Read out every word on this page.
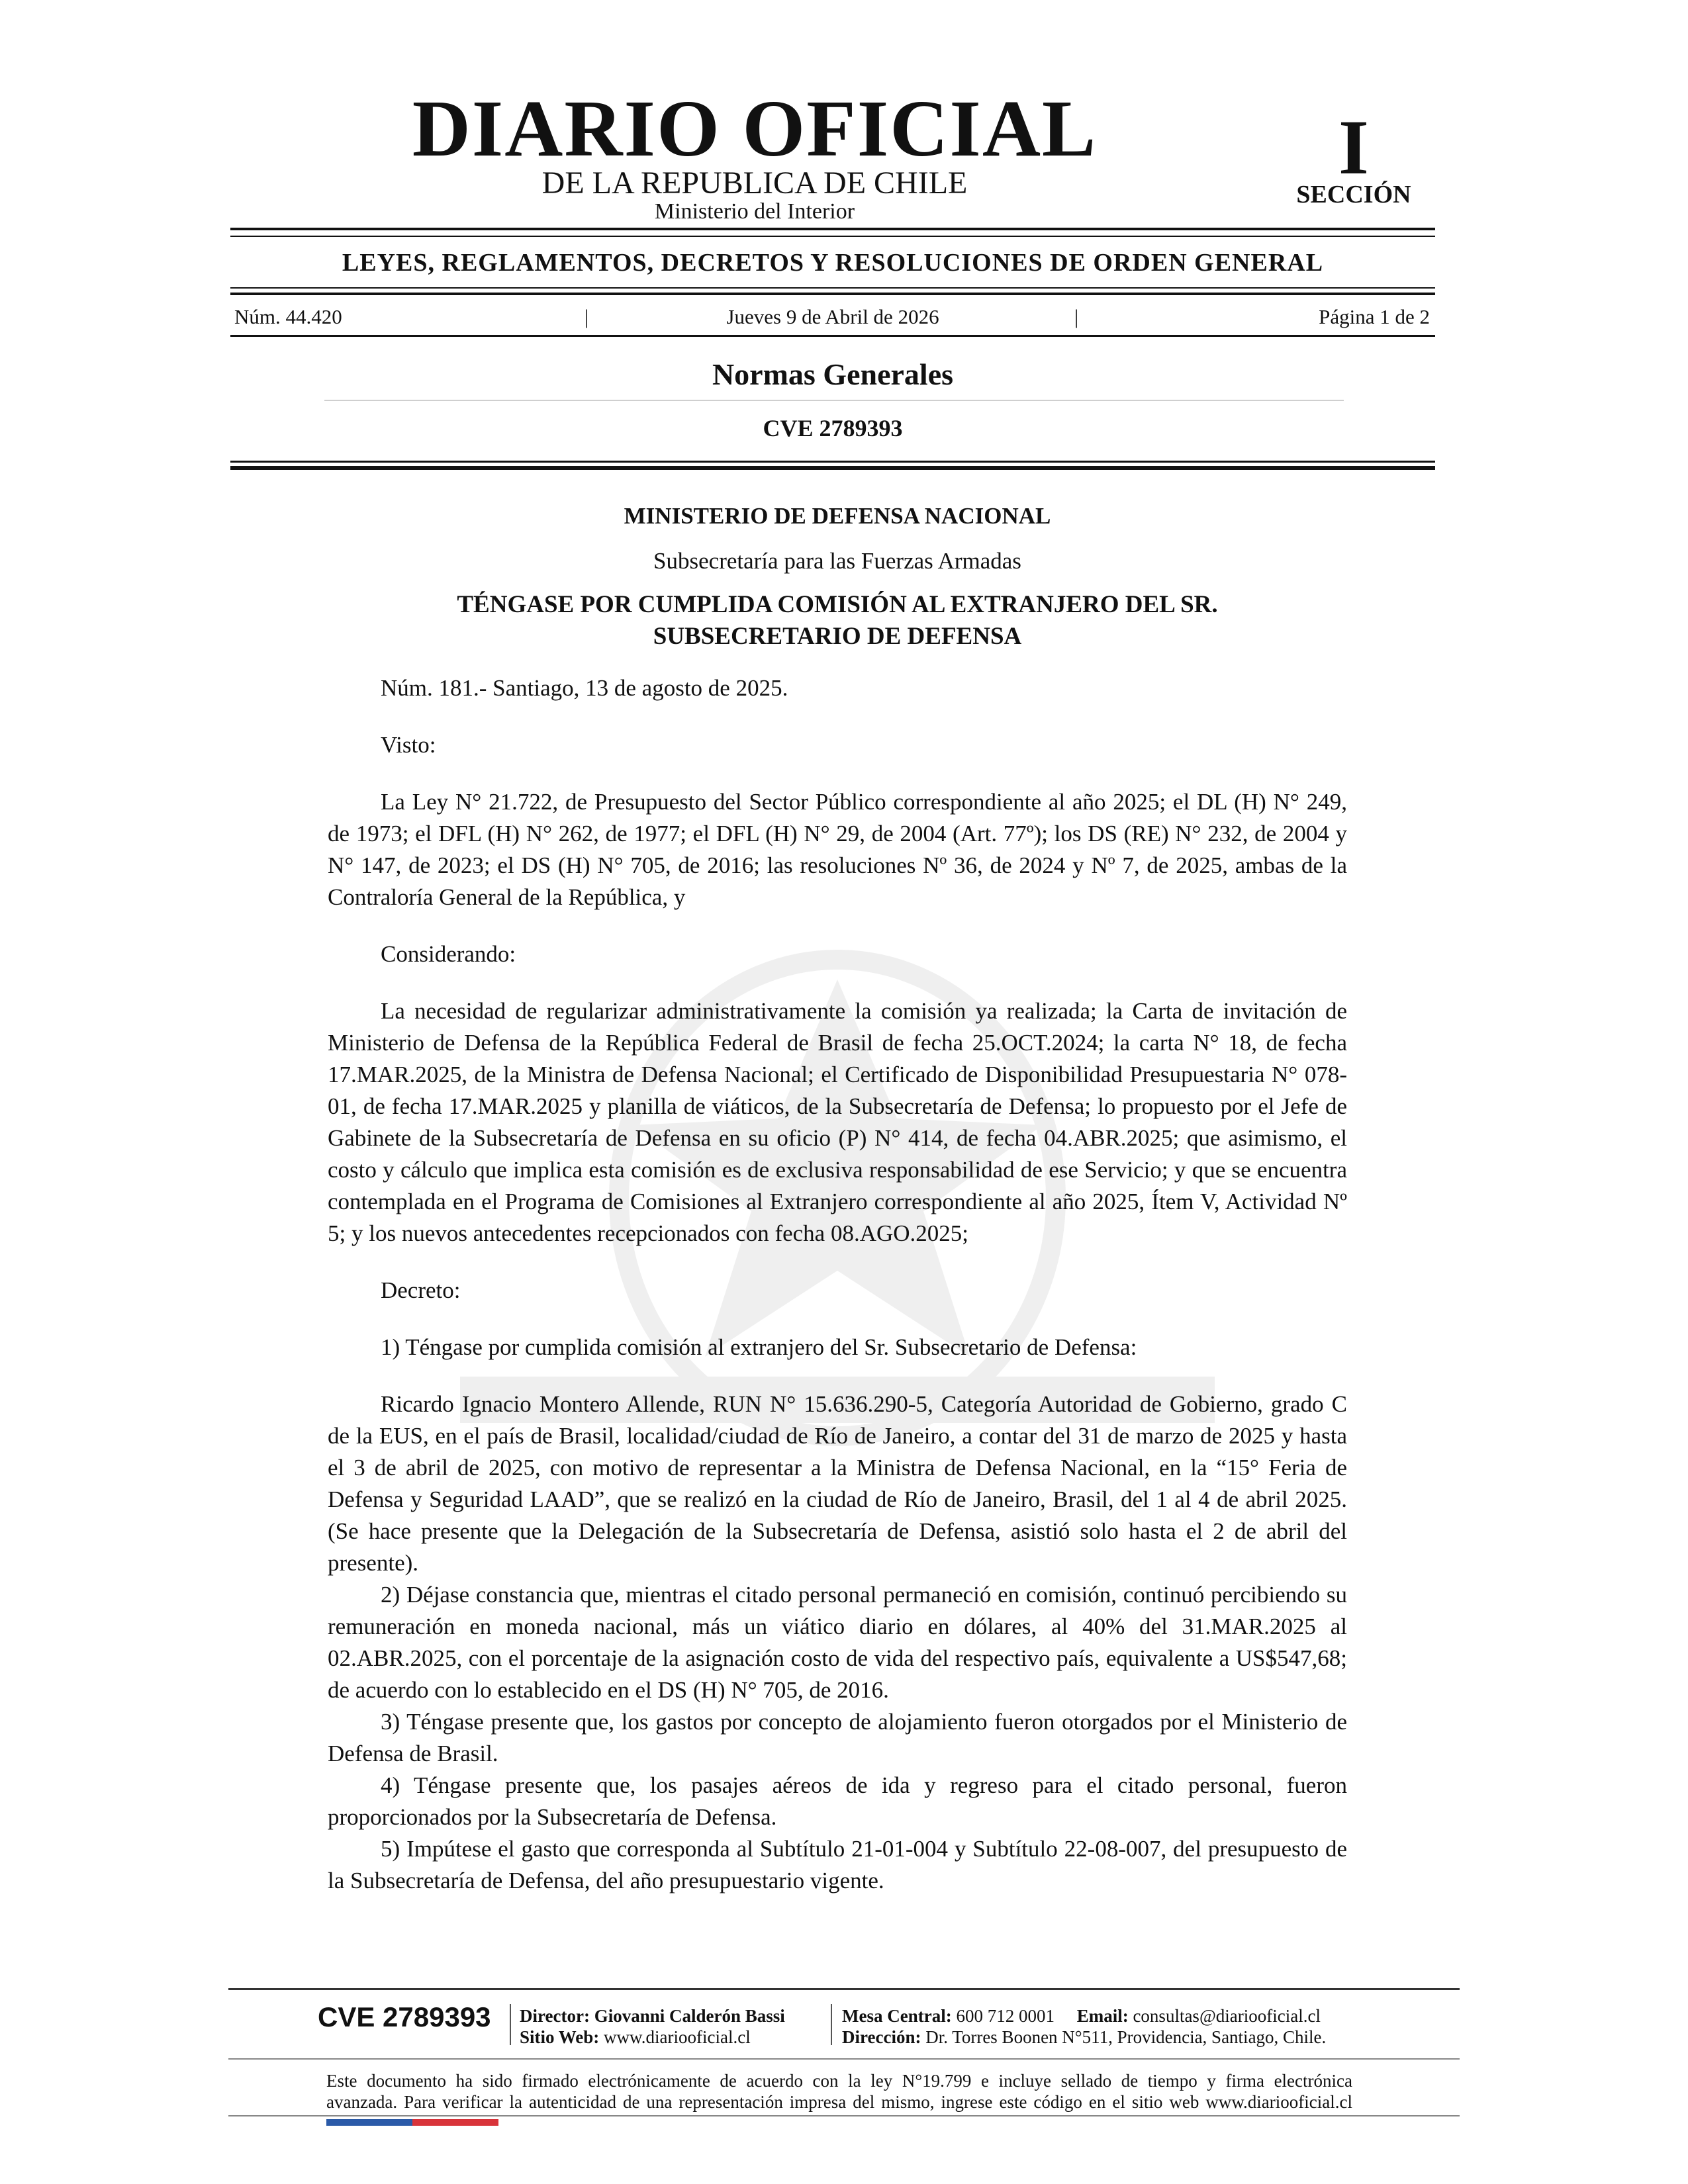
DIARIO OFICIAL
DE LA REPUBLICA DE CHILE
Ministerio del Interior
I
SECCIÓN
LEYES, REGLAMENTOS, DECRETOS Y RESOLUCIONES DE ORDEN GENERAL
Núm. 44.420	|	Jueves 9 de Abril de 2026	|	Página 1 de 2
Normas Generales
CVE 2789393
MINISTERIO DE DEFENSA NACIONAL
Subsecretaría para las Fuerzas Armadas
TÉNGASE POR CUMPLIDA COMISIÓN AL EXTRANJERO DEL SR.
SUBSECRETARIO DE DEFENSA

Núm. 181.- Santiago, 13 de agosto de 2025.

Visto:

La Ley N° 21.722, de Presupuesto del Sector Público correspondiente al año 2025; el DL (H) N° 249, de 1973; el DFL (H) N° 262, de 1977; el DFL (H) N° 29, de 2004 (Art. 77º); los DS (RE) N° 232, de 2004 y N° 147, de 2023; el DS (H) N° 705, de 2016; las resoluciones Nº 36, de 2024 y Nº 7, de 2025, ambas de la Contraloría General de la República, y

Considerando:

La necesidad de regularizar administrativamente la comisión ya realizada; la Carta de invitación de Ministerio de Defensa de la República Federal de Brasil de fecha 25.OCT.2024; la carta N° 18, de fecha 17.MAR.2025, de la Ministra de Defensa Nacional; el Certificado de Disponibilidad Presupuestaria N° 078-01, de fecha 17.MAR.2025 y planilla de viáticos, de la Subsecretaría de Defensa; lo propuesto por el Jefe de Gabinete de la Subsecretaría de Defensa en su oficio (P) N° 414, de fecha 04.ABR.2025; que asimismo, el costo y cálculo que implica esta comisión es de exclusiva responsabilidad de ese Servicio; y que se encuentra contemplada en el Programa de Comisiones al Extranjero correspondiente al año 2025, Ítem V, Actividad Nº 5; y los nuevos antecedentes recepcionados con fecha 08.AGO.2025;

Decreto:

1) Téngase por cumplida comisión al extranjero del Sr. Subsecretario de Defensa:

Ricardo Ignacio Montero Allende, RUN N° 15.636.290-5, Categoría Autoridad de Gobierno, grado C de la EUS, en el país de Brasil, localidad/ciudad de Río de Janeiro, a contar del 31 de marzo de 2025 y hasta el 3 de abril de 2025, con motivo de representar a la Ministra de Defensa Nacional, en la “15° Feria de Defensa y Seguridad LAAD”, que se realizó en la ciudad de Río de Janeiro, Brasil, del 1 al 4 de abril 2025. (Se hace presente que la Delegación de la Subsecretaría de Defensa, asistió solo hasta el 2 de abril del presente).

2) Déjase constancia que, mientras el citado personal permaneció en comisión, continuó percibiendo su remuneración en moneda nacional, más un viático diario en dólares, al 40% del 31.MAR.2025 al 02.ABR.2025, con el porcentaje de la asignación costo de vida del respectivo país, equivalente a US$547,68; de acuerdo con lo establecido en el DS (H) N° 705, de 2016.

3) Téngase presente que, los gastos por concepto de alojamiento fueron otorgados por el Ministerio de Defensa de Brasil.

4) Téngase presente que, los pasajes aéreos de ida y regreso para el citado personal, fueron proporcionados por la Subsecretaría de Defensa.

5) Impútese el gasto que corresponda al Subtítulo 21-01-004 y Subtítulo 22-08-007, del presupuesto de la Subsecretaría de Defensa, del año presupuestario vigente.

CVE 2789393 Director: Giovanni Calderón Bassi
Sitio Web: www.diariooficial.cl
Mesa Central: 600 712 0001 Email: consultas@diariooficial.cl
Dirección: Dr. Torres Boonen N°511, Providencia, Santiago, Chile.
Este documento ha sido firmado electrónicamente de acuerdo con la ley N°19.799 e incluye sellado de tiempo y firma electrónica
avanzada. Para verificar la autenticidad de una representación impresa del mismo, ingrese este código en el sitio web www.diariooficial.cl
